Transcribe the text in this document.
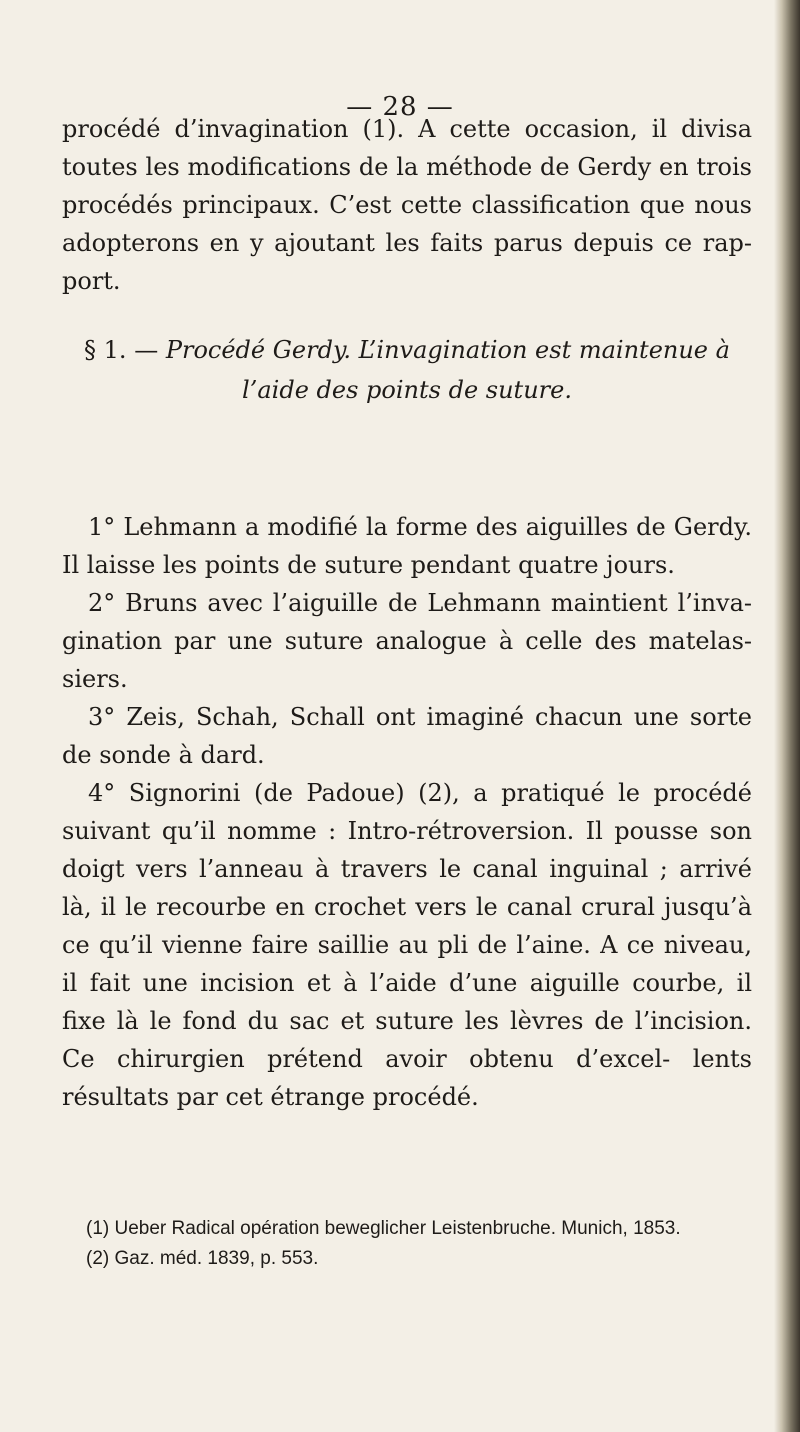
— 28 —

procédé d’invagination (1). A cette occasion, il divisa toutes les modifications de la méthode de Gerdy en trois procédés principaux. C’est cette classification que nous adopterons en y ajoutant les faits parus depuis ce rap- port.

§ 1. — Procédé Gerdy. L’invagination est maintenue à l’aide des points de suture.

1° Lehmann a modifié la forme des aiguilles de Gerdy. Il laisse les points de suture pendant quatre jours.

2° Bruns avec l’aiguille de Lehmann maintient l’inva- gination par une suture analogue à celle des matelas- siers.

3° Zeis, Schah, Schall ont imaginé chacun une sorte de sonde à dard.

4° Signorini (de Padoue) (2), a pratiqué le procédé suivant qu’il nomme : Intro-rétroversion. Il pousse son doigt vers l’anneau à travers le canal inguinal ; arrivé là, il le recourbe en crochet vers le canal crural jusqu’à ce qu’il vienne faire saillie au pli de l’aine. A ce niveau, il fait une incision et à l’aide d’une aiguille courbe, il fixe là le fond du sac et suture les lèvres de l’incision. Ce chirurgien prétend avoir obtenu d’excel- lents résultats par cet étrange procédé.

(1) Ueber Radical opération beweglicher Leistenbruche. Munich, 1853.

(2) Gaz. méd. 1839, p. 553.
